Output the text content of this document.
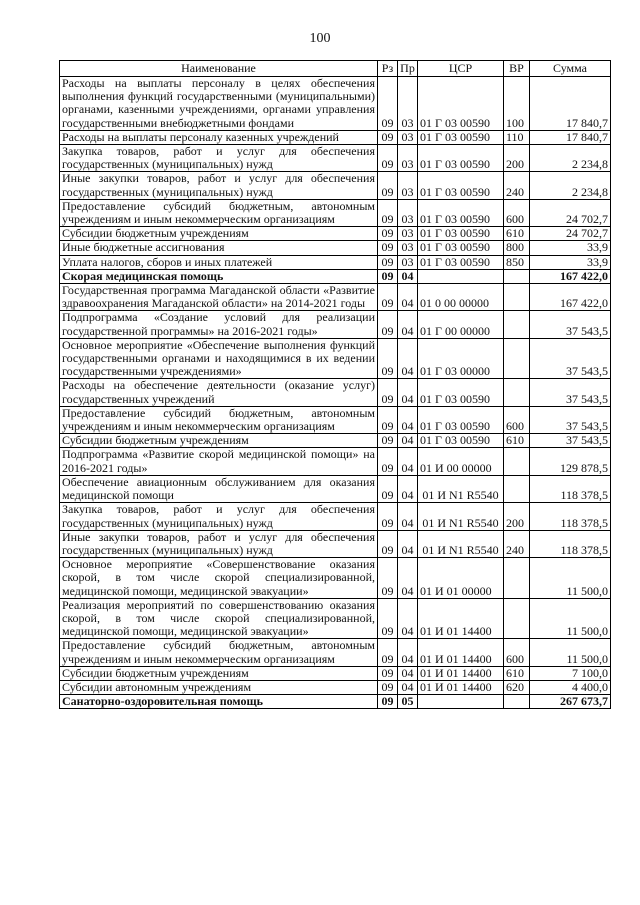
100
Наименование	Рз	Пр	ЦСР	ВР	Сумма
Расходы на выплаты персоналу в целях обеспечения выполнения функций государственными (муниципальными) органами, казенными учреждениями, органами управления государственными внебюджетными фондами	09	03	01 Г 03 00590	100	17 840,7
Расходы на выплаты персоналу казенных учреждений	09	03	01 Г 03 00590	110	17 840,7
Закупка товаров, работ и услуг для обеспечения государственных (муниципальных) нужд	09	03	01 Г 03 00590	200	2 234,8
Иные закупки товаров, работ и услуг для обеспечения государственных (муниципальных) нужд	09	03	01 Г 03 00590	240	2 234,8
Предоставление субсидий бюджетным, автономным учреждениям и иным некоммерческим организациям	09	03	01 Г 03 00590	600	24 702,7
Субсидии бюджетным учреждениям	09	03	01 Г 03 00590	610	24 702,7
Иные бюджетные ассигнования	09	03	01 Г 03 00590	800	33,9
Уплата налогов, сборов и иных платежей	09	03	01 Г 03 00590	850	33,9
Скорая медицинская помощь	09	04			167 422,0
Государственная программа Магаданской области «Развитие здравоохранения Магаданской области» на 2014-2021 годы	09	04	01 0 00 00000		167 422,0
Подпрограмма «Создание условий для реализации государственной программы» на 2016-2021 годы»	09	04	01 Г 00 00000		37 543,5
Основное мероприятие «Обеспечение выполнения функций государственными органами и находящимися в их ведении государственными учреждениями»	09	04	01 Г 03 00000		37 543,5
Расходы на обеспечение деятельности (оказание услуг) государственных учреждений	09	04	01 Г 03 00590		37 543,5
Предоставление субсидий бюджетным, автономным учреждениям и иным некоммерческим организациям	09	04	01 Г 03 00590	600	37 543,5
Субсидии бюджетным учреждениям	09	04	01 Г 03 00590	610	37 543,5
Подпрограмма «Развитие скорой медицинской помощи» на 2016-2021 годы»	09	04	01 И 00 00000		129 878,5
Обеспечение авиационным обслуживанием для оказания медицинской помощи	09	04	01 И N1 R5540		118 378,5
Закупка товаров, работ и услуг для обеспечения государственных (муниципальных) нужд	09	04	01 И N1 R5540	200	118 378,5
Иные закупки товаров, работ и услуг для обеспечения государственных (муниципальных) нужд	09	04	01 И N1 R5540	240	118 378,5
Основное мероприятие «Совершенствование оказания скорой, в том числе скорой специализированной, медицинской помощи, медицинской эвакуации»	09	04	01 И 01 00000		11 500,0
Реализация мероприятий по совершенствованию оказания скорой, в том числе скорой специализированной, медицинской помощи, медицинской эвакуации»	09	04	01 И 01 14400		11 500,0
Предоставление субсидий бюджетным, автономным учреждениям и иным некоммерческим организациям	09	04	01 И 01 14400	600	11 500,0
Субсидии бюджетным учреждениям	09	04	01 И 01 14400	610	7 100,0
Субсидии автономным учреждениям	09	04	01 И 01 14400	620	4 400,0
Санаторно-оздоровительная помощь	09	05			267 673,7
